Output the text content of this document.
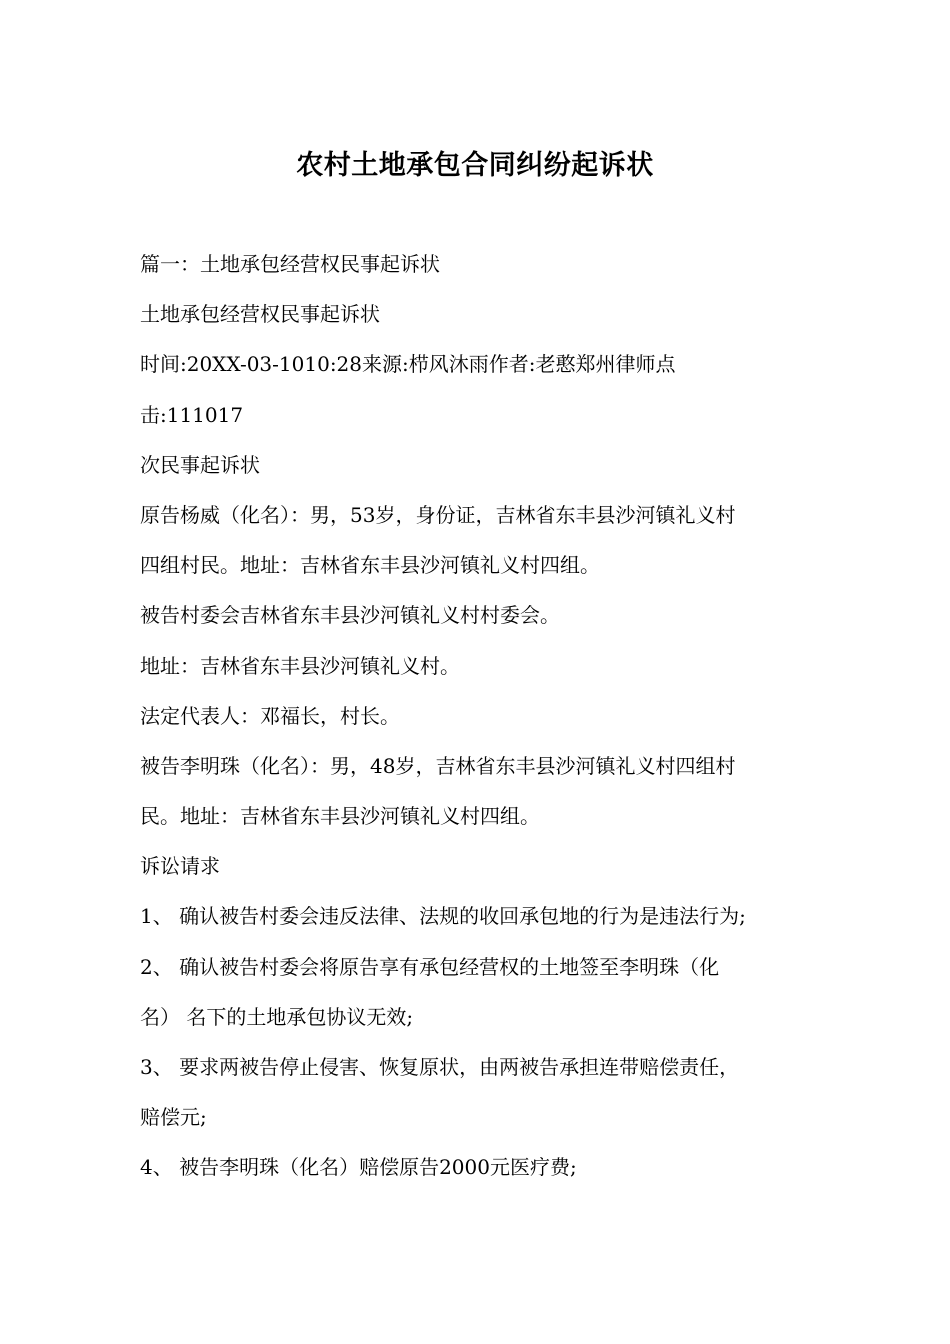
农村土地承包合同纠纷起诉状
篇一：土地承包经营权民事起诉状
土地承包经营权民事起诉状
时间:20XX-03-1010:28来源:栉风沐雨作者:老憨郑州律师点
击:111017
次民事起诉状
原告杨威（化名）：男，53岁，身份证，吉林省东丰县沙河镇礼义村
四组村民。地址：吉林省东丰县沙河镇礼义村四组。
被告村委会吉林省东丰县沙河镇礼义村村委会。
地址：吉林省东丰县沙河镇礼义村。
法定代表人：邓福长，村长。
被告李明珠（化名）：男，48岁，吉林省东丰县沙河镇礼义村四组村
民。地址：吉林省东丰县沙河镇礼义村四组。
诉讼请求
1、 确认被告村委会违反法律、法规的收回承包地的行为是违法行为;
2、 确认被告村委会将原告享有承包经营权的土地签至李明珠（化
名） 名下的土地承包协议无效;
3、 要求两被告停止侵害、恢复原状，由两被告承担连带赔偿责任，
赔偿元;
4、 被告李明珠（化名）赔偿原告2000元医疗费;
